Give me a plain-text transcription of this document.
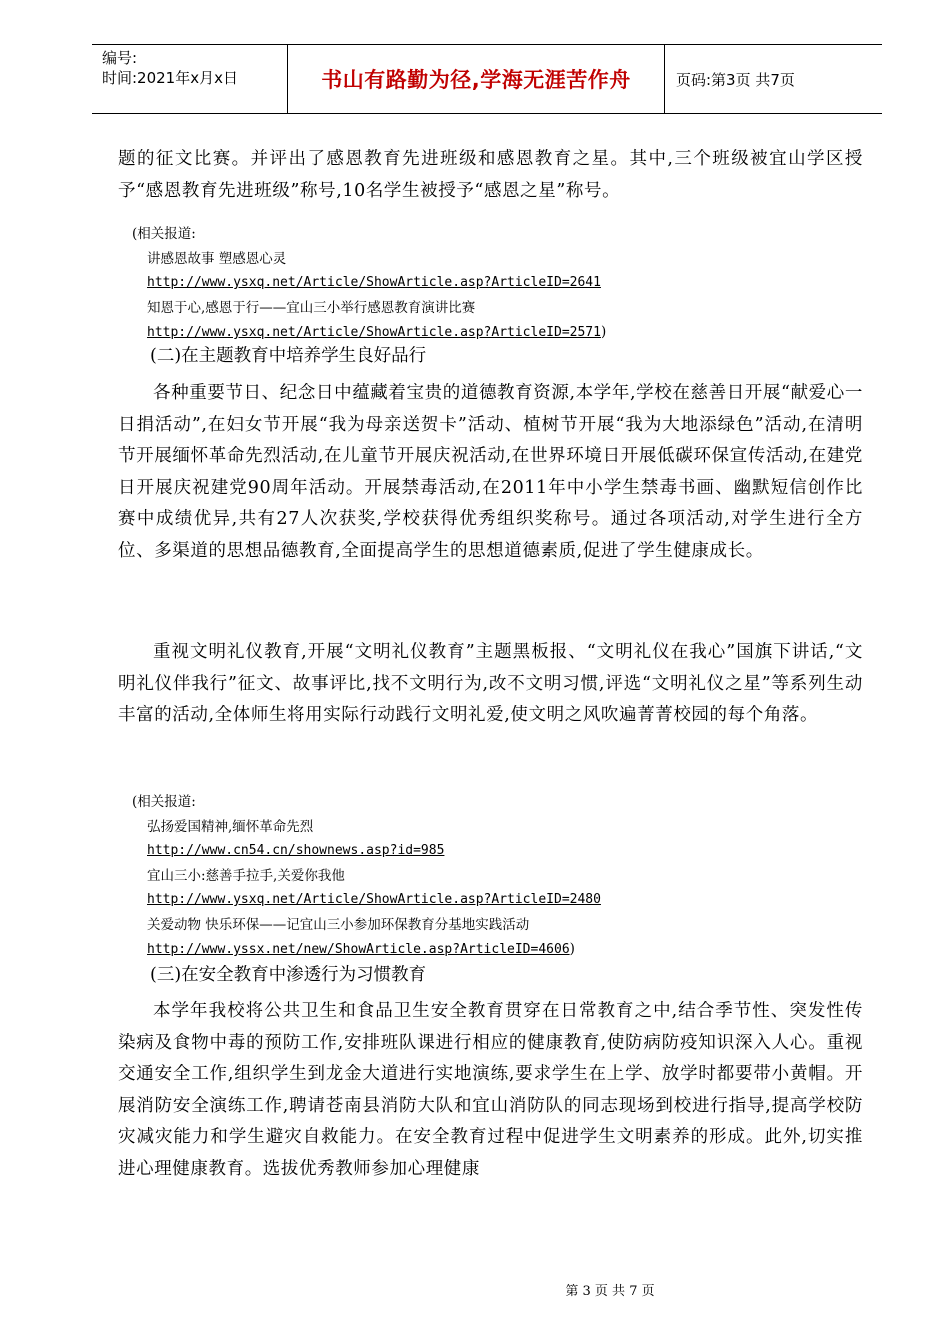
编号:
时间:2021年x月x日	书山有路勤为径,学海无涯苦作舟	页码:第3页 共7页
题的征文比赛。并评出了感恩教育先进班级和感恩教育之星。其中,三个班级被宜山学区授予“感恩教育先进班级”称号,10名学生被授予“感恩之星”称号。
(相关报道:
讲感恩故事 塑感恩心灵
http://www.ysxq.net/Article/ShowArticle.asp?ArticleID=2641
知恩于心,感恩于行——宜山三小举行感恩教育演讲比赛
http://www.ysxq.net/Article/ShowArticle.asp?ArticleID=2571)
(二)在主题教育中培养学生良好品行
各种重要节日、纪念日中蕴藏着宝贵的道德教育资源,本学年,学校在慈善日开展“献爱心一日捐活动”,在妇女节开展“我为母亲送贺卡”活动、植树节开展“我为大地添绿色”活动,在清明节开展缅怀革命先烈活动,在儿童节开展庆祝活动,在世界环境日开展低碳环保宣传活动,在建党日开展庆祝建党90周年活动。开展禁毒活动,在2011年中小学生禁毒书画、幽默短信创作比赛中成绩优异,共有27人次获奖,学校获得优秀组织奖称号。通过各项活动,对学生进行全方位、多渠道的思想品德教育,全面提高学生的思想道德素质,促进了学生健康成长。
重视文明礼仪教育,开展“文明礼仪教育”主题黑板报、“文明礼仪在我心”国旗下讲话,“文明礼仪伴我行”征文、故事评比,找不文明行为,改不文明习惯,评选“文明礼仪之星”等系列生动丰富的活动,全体师生将用实际行动践行文明礼爱,使文明之风吹遍菁菁校园的每个角落。
(相关报道:
弘扬爱国精神,缅怀革命先烈
http://www.cn54.cn/shownews.asp?id=985
宜山三小:慈善手拉手,关爱你我他
http://www.ysxq.net/Article/ShowArticle.asp?ArticleID=2480
关爱动物 快乐环保——记宜山三小参加环保教育分基地实践活动
http://www.yssx.net/new/ShowArticle.asp?ArticleID=4606)
(三)在安全教育中渗透行为习惯教育
本学年我校将公共卫生和食品卫生安全教育贯穿在日常教育之中,结合季节性、突发性传染病及食物中毒的预防工作,安排班队课进行相应的健康教育,使防病防疫知识深入人心。重视交通安全工作,组织学生到龙金大道进行实地演练,要求学生在上学、放学时都要带小黄帽。开展消防安全演练工作,聘请苍南县消防大队和宜山消防队的同志现场到校进行指导,提高学校防灾减灾能力和学生避灾自救能力。在安全教育过程中促进学生文明素养的形成。此外,切实推进心理健康教育。选拔优秀教师参加心理健康
第 3 页 共 7 页
